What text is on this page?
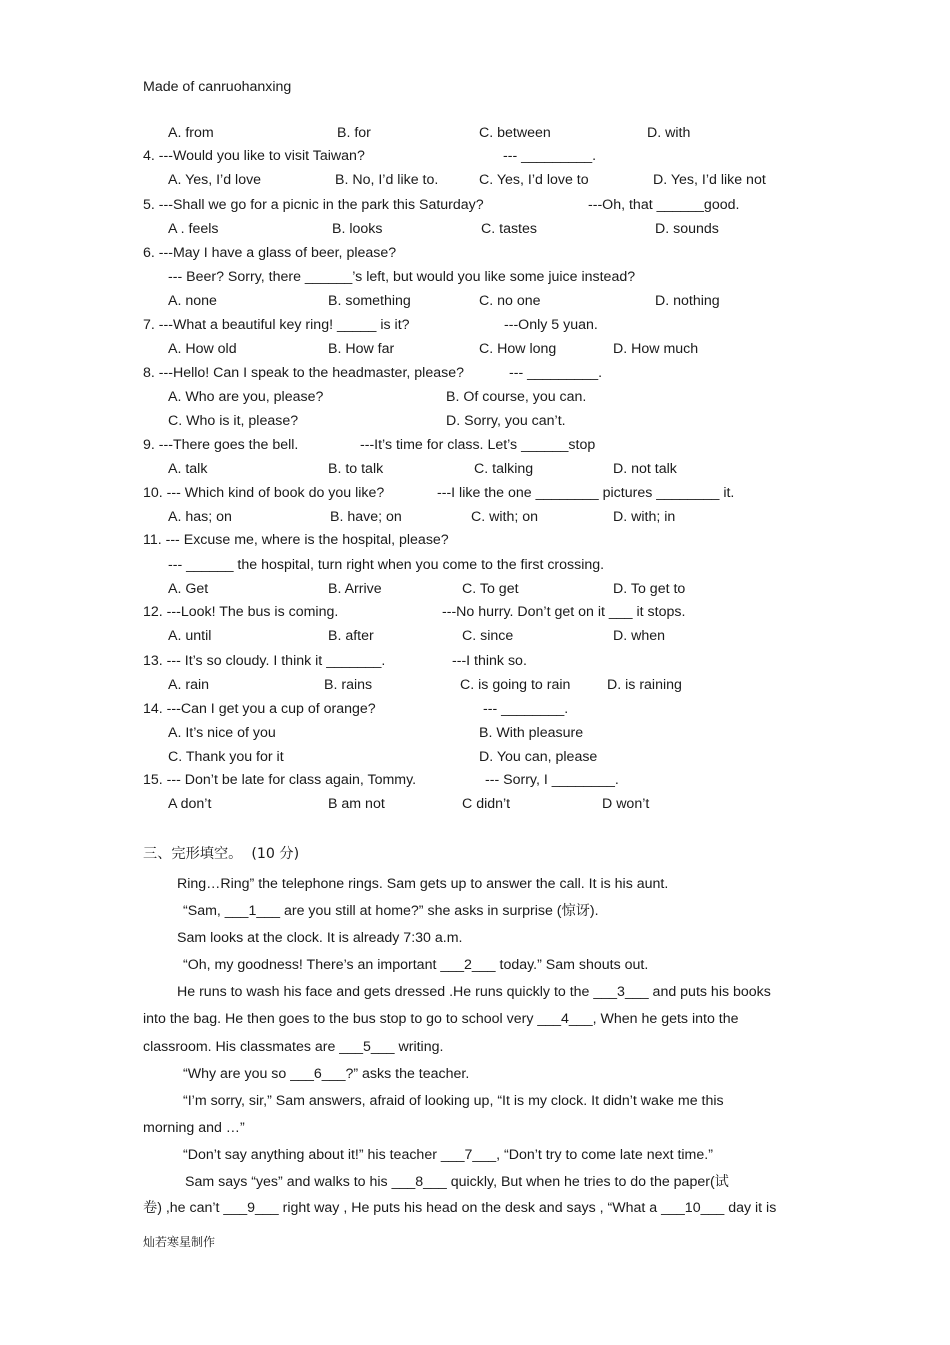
Made of canruohanxing
A. from	B. for	C. between	D. with
4. ---Would you like to visit Taiwan?	--- _________.
A. Yes, I’d love	B. No, I’d like to.	C. Yes, I’d love to	D. Yes, I’d like not
5. ---Shall we go for a picnic in the park this Saturday?	---Oh, that ______good.
A . feels	B. looks	C. tastes	D. sounds
6. ---May I have a glass of beer, please?
--- Beer? Sorry, there ______’s left, but would you like some juice instead?
A. none	B. something	C. no one	D. nothing
7. ---What a beautiful key ring! _____ is it?	---Only 5 yuan.
A. How old	B. How far	C. How long	D. How much
8. ---Hello! Can I speak to the headmaster, please?	--- _________.
A. Who are you, please?	B. Of course, you can.
C. Who is it, please?	D. Sorry, you can’t.
9. ---There goes the bell.	---It’s time for class. Let’s ______stop
A. talk	B. to talk	C. talking	D. not talk
10. --- Which kind of book do you like?	---I like the one ________ pictures ________ it.
A. has; on	B. have; on	C. with; on	D. with; in
11. --- Excuse me, where is the hospital, please?
--- ______ the hospital, turn right when you come to the first crossing.
A. Get	B. Arrive	C. To get	D. To get to
12. ---Look! The bus is coming.	---No hurry. Don’t get on it ___ it stops.
A. until	B. after	C. since	D. when
13. --- It’s so cloudy. I think it _______.	---I think so.
A. rain	B. rains	C. is going to rain	D. is raining
14. ---Can I get you a cup of orange?	--- ________.
A. It’s nice of you	B. With pleasure
C. Thank you for it	D. You can, please
15. --- Don’t be late for class again, Tommy.	--- Sorry, I ________.
A don’t	B am not	C didn’t	D won’t
三、完形填空。  (10 分)
Ring…Ring” the telephone rings. Sam gets up to answer the call. It is his aunt.
“Sam, ___1___ are you still at home?” she asks in surprise (惊讶).
Sam looks at the clock. It is already 7:30 a.m.
“Oh, my goodness! There’s an important ___2___ today.” Sam shouts out.
He runs to wash his face and gets dressed .He runs quickly to the ___3___ and puts his books
into the bag. He then goes to the bus stop to go to school very ___4___, When he gets into the
classroom. His classmates are ___5___ writing.
“Why are you so ___6___?” asks the teacher.
“I’m sorry, sir,” Sam answers, afraid of looking up, “It is my clock. It didn’t wake me this
morning and …”
“Don’t say anything about it!” his teacher ___7___, “Don’t try to come late next time.”
Sam says “yes” and walks to his ___8___ quickly, But when he tries to do the paper(试
卷) ,he can’t ___9___ right way , He puts his head on the desk and says , “What a ___10___ day it is
灿若寒星制作
